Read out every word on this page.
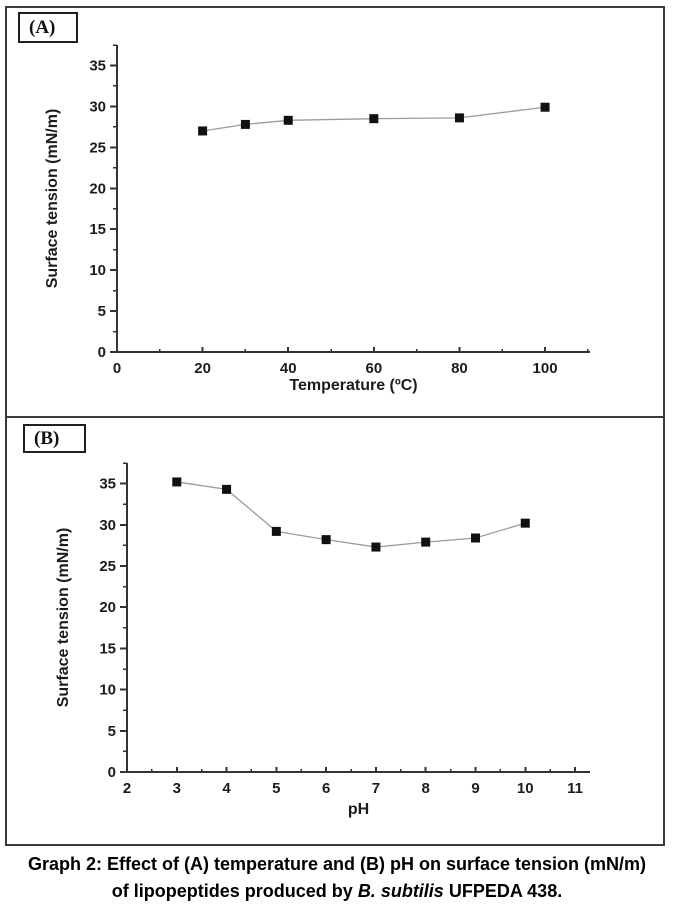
0
5
10
15
20
25
30
35
0	20	40	60	80	100
Temperature (ºC)
Surface tension (mN/m)
(A)
0
5
10
15
20
25
30
35
2	3	4	5	6	7	8	9 10 11
pH
Surface tension (mN/m)
(B)
Graph 2: Effect of (A) temperature and (B) pH on surface tension (mN/m)
of lipopeptides produced by B. subtilis UFPEDA 438.
